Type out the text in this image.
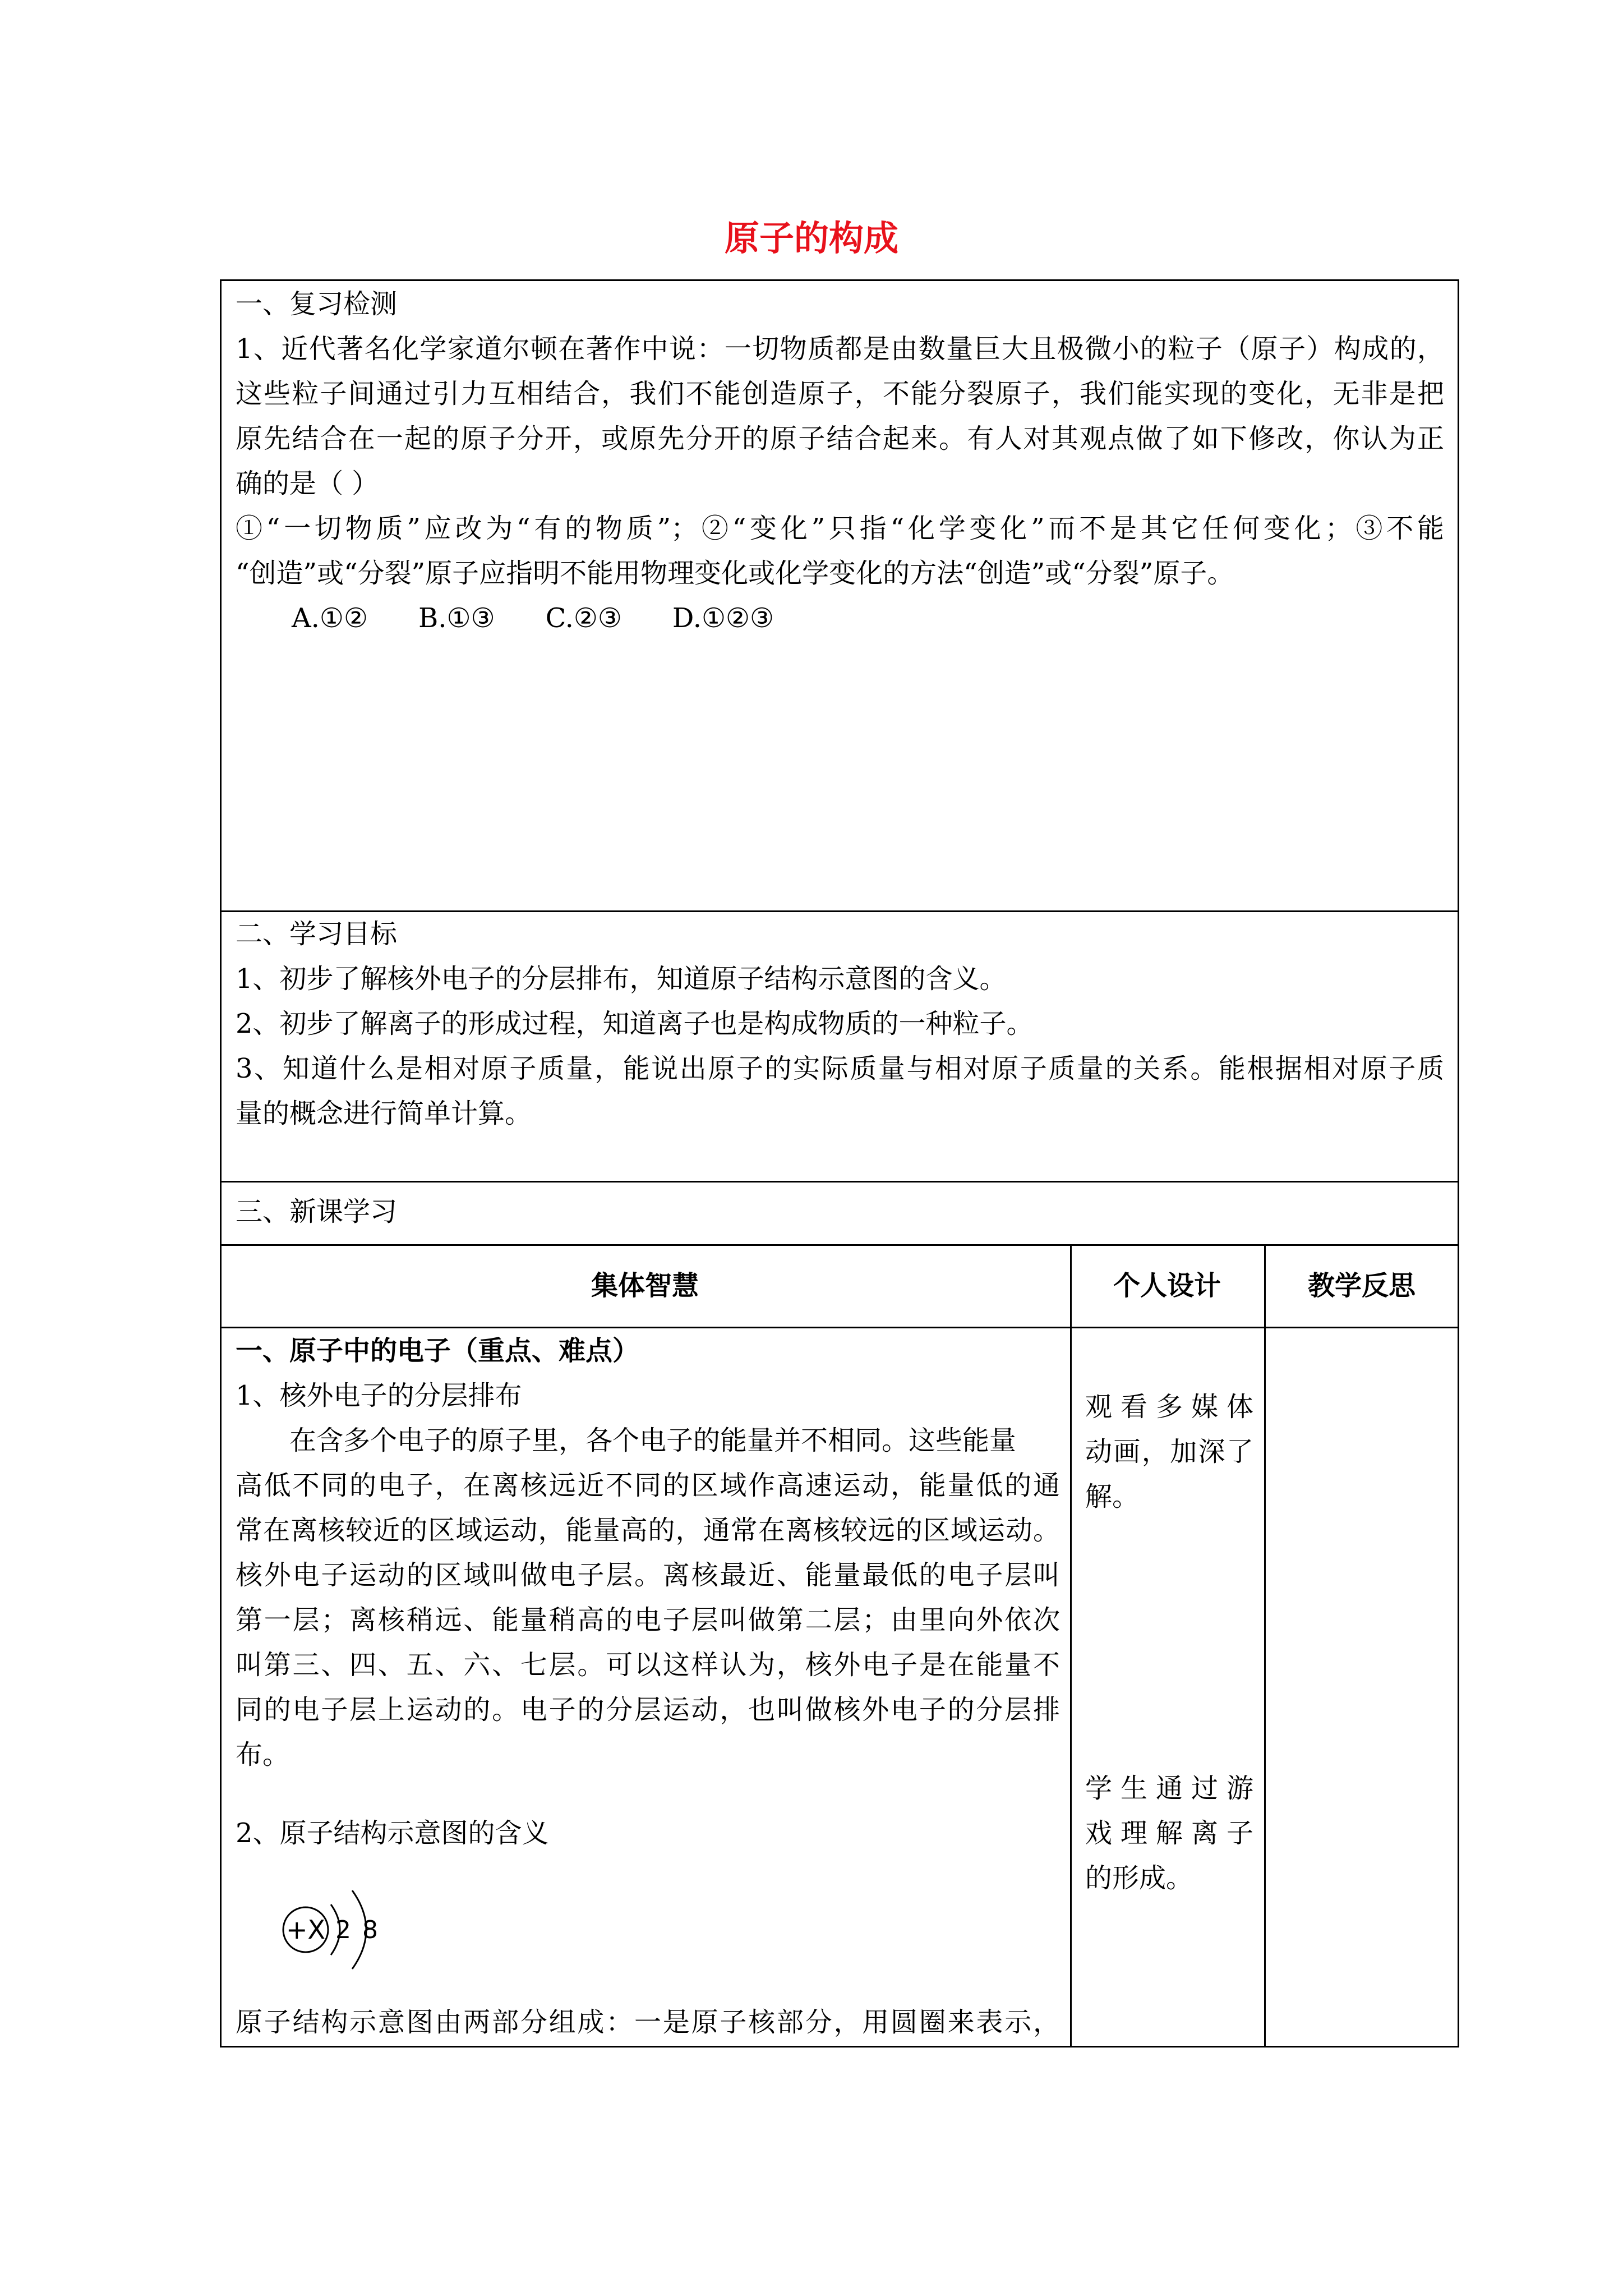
原子的构成
一、复习检测
1、近代著名化学家道尔顿在著作中说：一切物质都是由数量巨大且极微小的粒子（原子）构成的，
这些粒子间通过引力互相结合，我们不能创造原子，不能分裂原子，我们能实现的变化，无非是把
原先结合在一起的原子分开，或原先分开的原子结合起来。有人对其观点做了如下修改，你认为正
确的是（ ）
①“一切物质”应改为“有的物质”；②“变化”只指“化学变化”而不是其它任何变化；③不能
“创造”或“分裂”原子应指明不能用物理变化或化学变化的方法“创造”或“分裂”原子。
A.①② B.①③ C.②③ D.①②③
二、学习目标
1、初步了解核外电子的分层排布，知道原子结构示意图的含义。
2、初步了解离子的形成过程，知道离子也是构成物质的一种粒子。
3、知道什么是相对原子质量，能说出原子的实际质量与相对原子质量的关系。能根据相对原子质
量的概念进行简单计算。
三、新课学习
集体智慧	个人设计	教学反思
一、原子中的电子（重点、难点）
1、核外电子的分层排布
在含多个电子的原子里，各个电子的能量并不相同。这些能量
高低不同的电子，在离核远近不同的区域作高速运动，能量低的通
常在离核较近的区域运动，能量高的，通常在离核较远的区域运动。
核外电子运动的区域叫做电子层。离核最近、能量最低的电子层叫
第一层；离核稍远、能量稍高的电子层叫做第二层；由里向外依次
叫第三、四、五、六、七层。可以这样认为，核外电子是在能量不
同的电子层上运动的。电子的分层运动，也叫做核外电子的分层排
布。
2、原子结构示意图的含义
+X 2 8
原子结构示意图由两部分组成：一是原子核部分，用圆圈来表示，
观看多媒体
动画，加深了
解。
学生通过游
戏理解离子
的形成。
